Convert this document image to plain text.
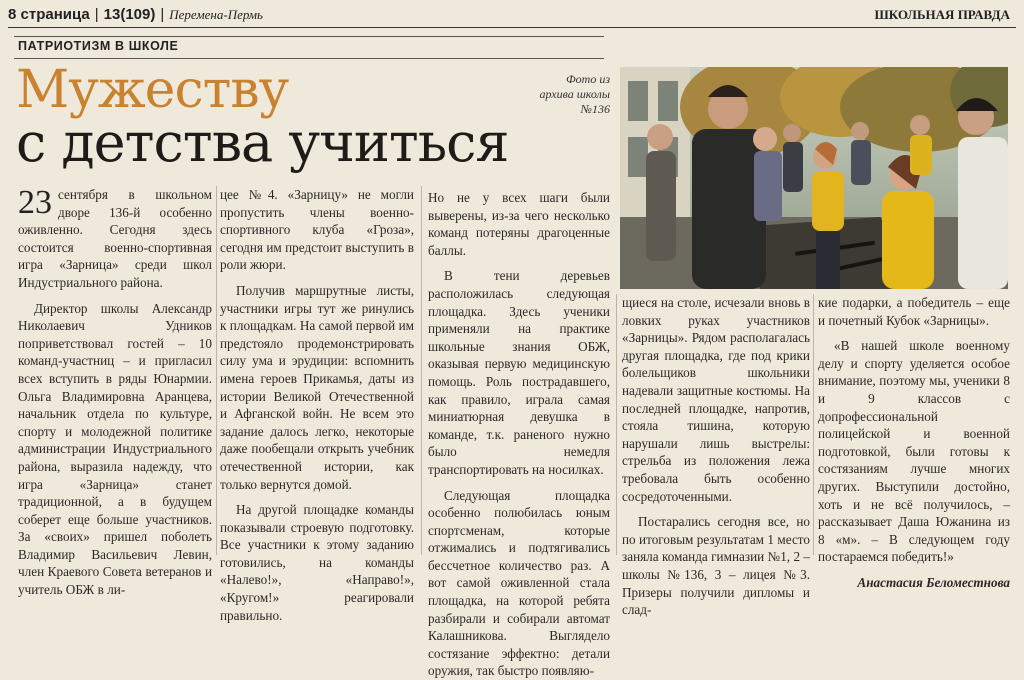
8 страница | 13(109) | Перемена-Пермь	ШКОЛЬНАЯ ПРАВДА
ПАТРИОТИЗМ В ШКОЛЕ
Мужеству
с детства учиться
Фото из архива школы №136

23 сентября в школьном дворе 136-й особенно оживленно. Сегодня здесь состоится военно-спортивная игра «Зарница» среди школ Индустриального района.

Директор школы Александр Николаевич Удников поприветствовал гостей – 10 команд-участниц – и пригласил всех вступить в ряды Юнармии. Ольга Владимировна Аранцева, начальник отдела по культуре, спорту и молодежной политике администрации Индустриального района, выразила надежду, что игра «Зарница» станет традиционной, а в будущем соберет еще больше участников. За «своих» пришел поболеть Владимир Васильевич Левин, член Краевого Совета ветеранов и учитель ОБЖ в ли-

цее №4. «Зарницу» не могли пропустить члены военно-спортивного клуба «Гроза», сегодня им предстоит выступить в роли жюри.

Получив маршрутные листы, участники игры тут же ринулись к площадкам. На самой первой им предстояло продемонстрировать силу ума и эрудиции: вспомнить имена героев Прикамья, даты из истории Великой Отечественной и Афганской войн. Не всем это задание далось легко, некоторые даже пообещали открыть учебник отечественной истории, как только вернутся домой.

На другой площадке команды показывали строевую подготовку. Все участники к этому заданию готовились, на команды «Налево!», «Направо!», «Кругом!» реагировали правильно.

Но не у всех шаги были выверены, из-за чего несколько команд потеряны драгоценные баллы.

В тени деревьев расположилась следующая площадка. Здесь ученики применяли на практике школьные знания ОБЖ, оказывая первую медицинскую помощь. Роль пострадавшего, как правило, играла самая миниатюрная девушка в команде, т.к. раненого нужно было немедля транспортировать на носилках.

Следующая площадка особенно полюбилась юным спортсменам, которые отжимались и подтягивались бессчетное количество раз. А вот самой оживленной стала площадка, на которой ребята разбирали и собирали автомат Калашникова. Выглядело состязание эффектно: детали оружия, так быстро появляю-

щиеся на столе, исчезали вновь в ловких руках участников «Зарницы». Рядом располагалась другая площадка, где под крики болельщиков школьники надевали защитные костюмы. На последней площадке, напротив, стояла тишина, которую нарушали лишь выстрелы: стрельба из положения лежа требовала быть особенно сосредоточенными.

Постарались сегодня все, но по итоговым результатам 1 место заняла команда гимназии №1, 2 – школы №136, 3 – лицея №3. Призеры получили дипломы и слад-

кие подарки, а победитель – еще и почетный Кубок «Зарницы».

«В нашей школе военному делу и спорту уделяется особое внимание, поэтому мы, ученики 8 и 9 классов с допрофессиональной полицейской и военной подготовкой, были готовы к состязаниям лучше многих других. Выступили достойно, хоть и не всё получилось, – рассказывает Даша Южанина из 8 «м». – В следующем году постараемся победить!»

Анастасия Беломестнова
